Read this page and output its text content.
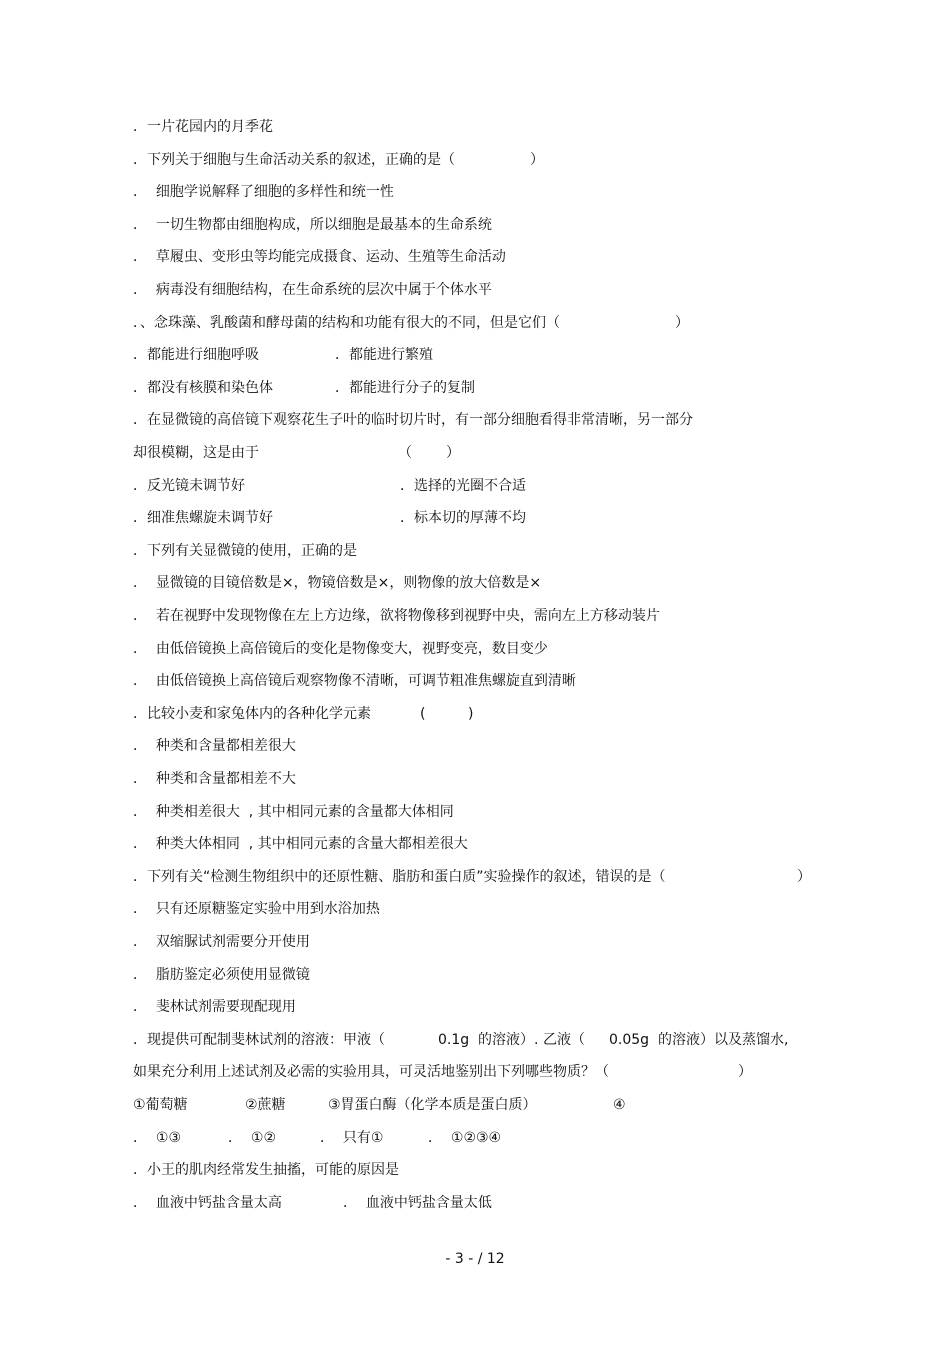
．一片花园内的月季花
．下列关于细胞与生命活动关系的叙述，正确的是（	）
．  细胞学说解释了细胞的多样性和统一性
．  一切生物都由细胞构成，所以细胞是最基本的生命系统
．  草履虫、变形虫等均能完成摄食、运动、生殖等生命活动
．  病毒没有细胞结构，在生命系统的层次中属于个体水平
．、念珠藻、乳酸菌和酵母菌的结构和功能有很大的不同，但是它们（	）
．都能进行细胞呼吸	．都能进行繁殖
．都没有核膜和染色体	．都能进行分子的复制
．在显微镜的高倍镜下观察花生子叶的临时切片时，有一部分细胞看得非常清晰，另一部分
却很模糊，这是由于	（ ）
．反光镜未调节好	．选择的光圈不合适
．细准焦螺旋未调节好	．标本切的厚薄不均
．下列有关显微镜的使用，正确的是
．  显微镜的目镜倍数是×，物镜倍数是×，则物像的放大倍数是×
．  若在视野中发现物像在左上方边缘，欲将物像移到视野中央，需向左上方移动装片
．  由低倍镜换上高倍镜后的变化是物像变大，视野变亮，数目变少
．  由低倍镜换上高倍镜后观察物像不清晰，可调节粗准焦螺旋直到清晰
．比较小麦和家兔体内的各种化学元素	(	)
．  种类和含量都相差很大
．  种类和含量都相差不大
．  种类相差很大  , 其中相同元素的含量都大体相同
．  种类大体相同  , 其中相同元素的含量大都相差很大
．下列有关“检测生物组织中的还原性糖、脂肪和蛋白质”实验操作的叙述，错误的是（	）
．  只有还原糖鉴定实验中用到水浴加热
．  双缩脲试剂需要分开使用
．  脂肪鉴定必须使用显微镜
．  斐林试剂需要现配现用
．现提供可配制斐林试剂的溶液：甲液（	0.1g  的溶液）. 乙液（ 0.05g  的溶液）以及蒸馏水,
如果充分利用上述试剂及必需的实验用具，可灵活地鉴别出下列哪些物质？（	）
①葡萄糖	②蔗糖	③胃蛋白酶（化学本质是蛋白质）	④
．  ①③	．  ①②	．  只有①	．  ①②③④
．小王的肌肉经常发生抽搐，可能的原因是
．  血液中钙盐含量太高	．  血液中钙盐含量太低
- 3 - / 12
